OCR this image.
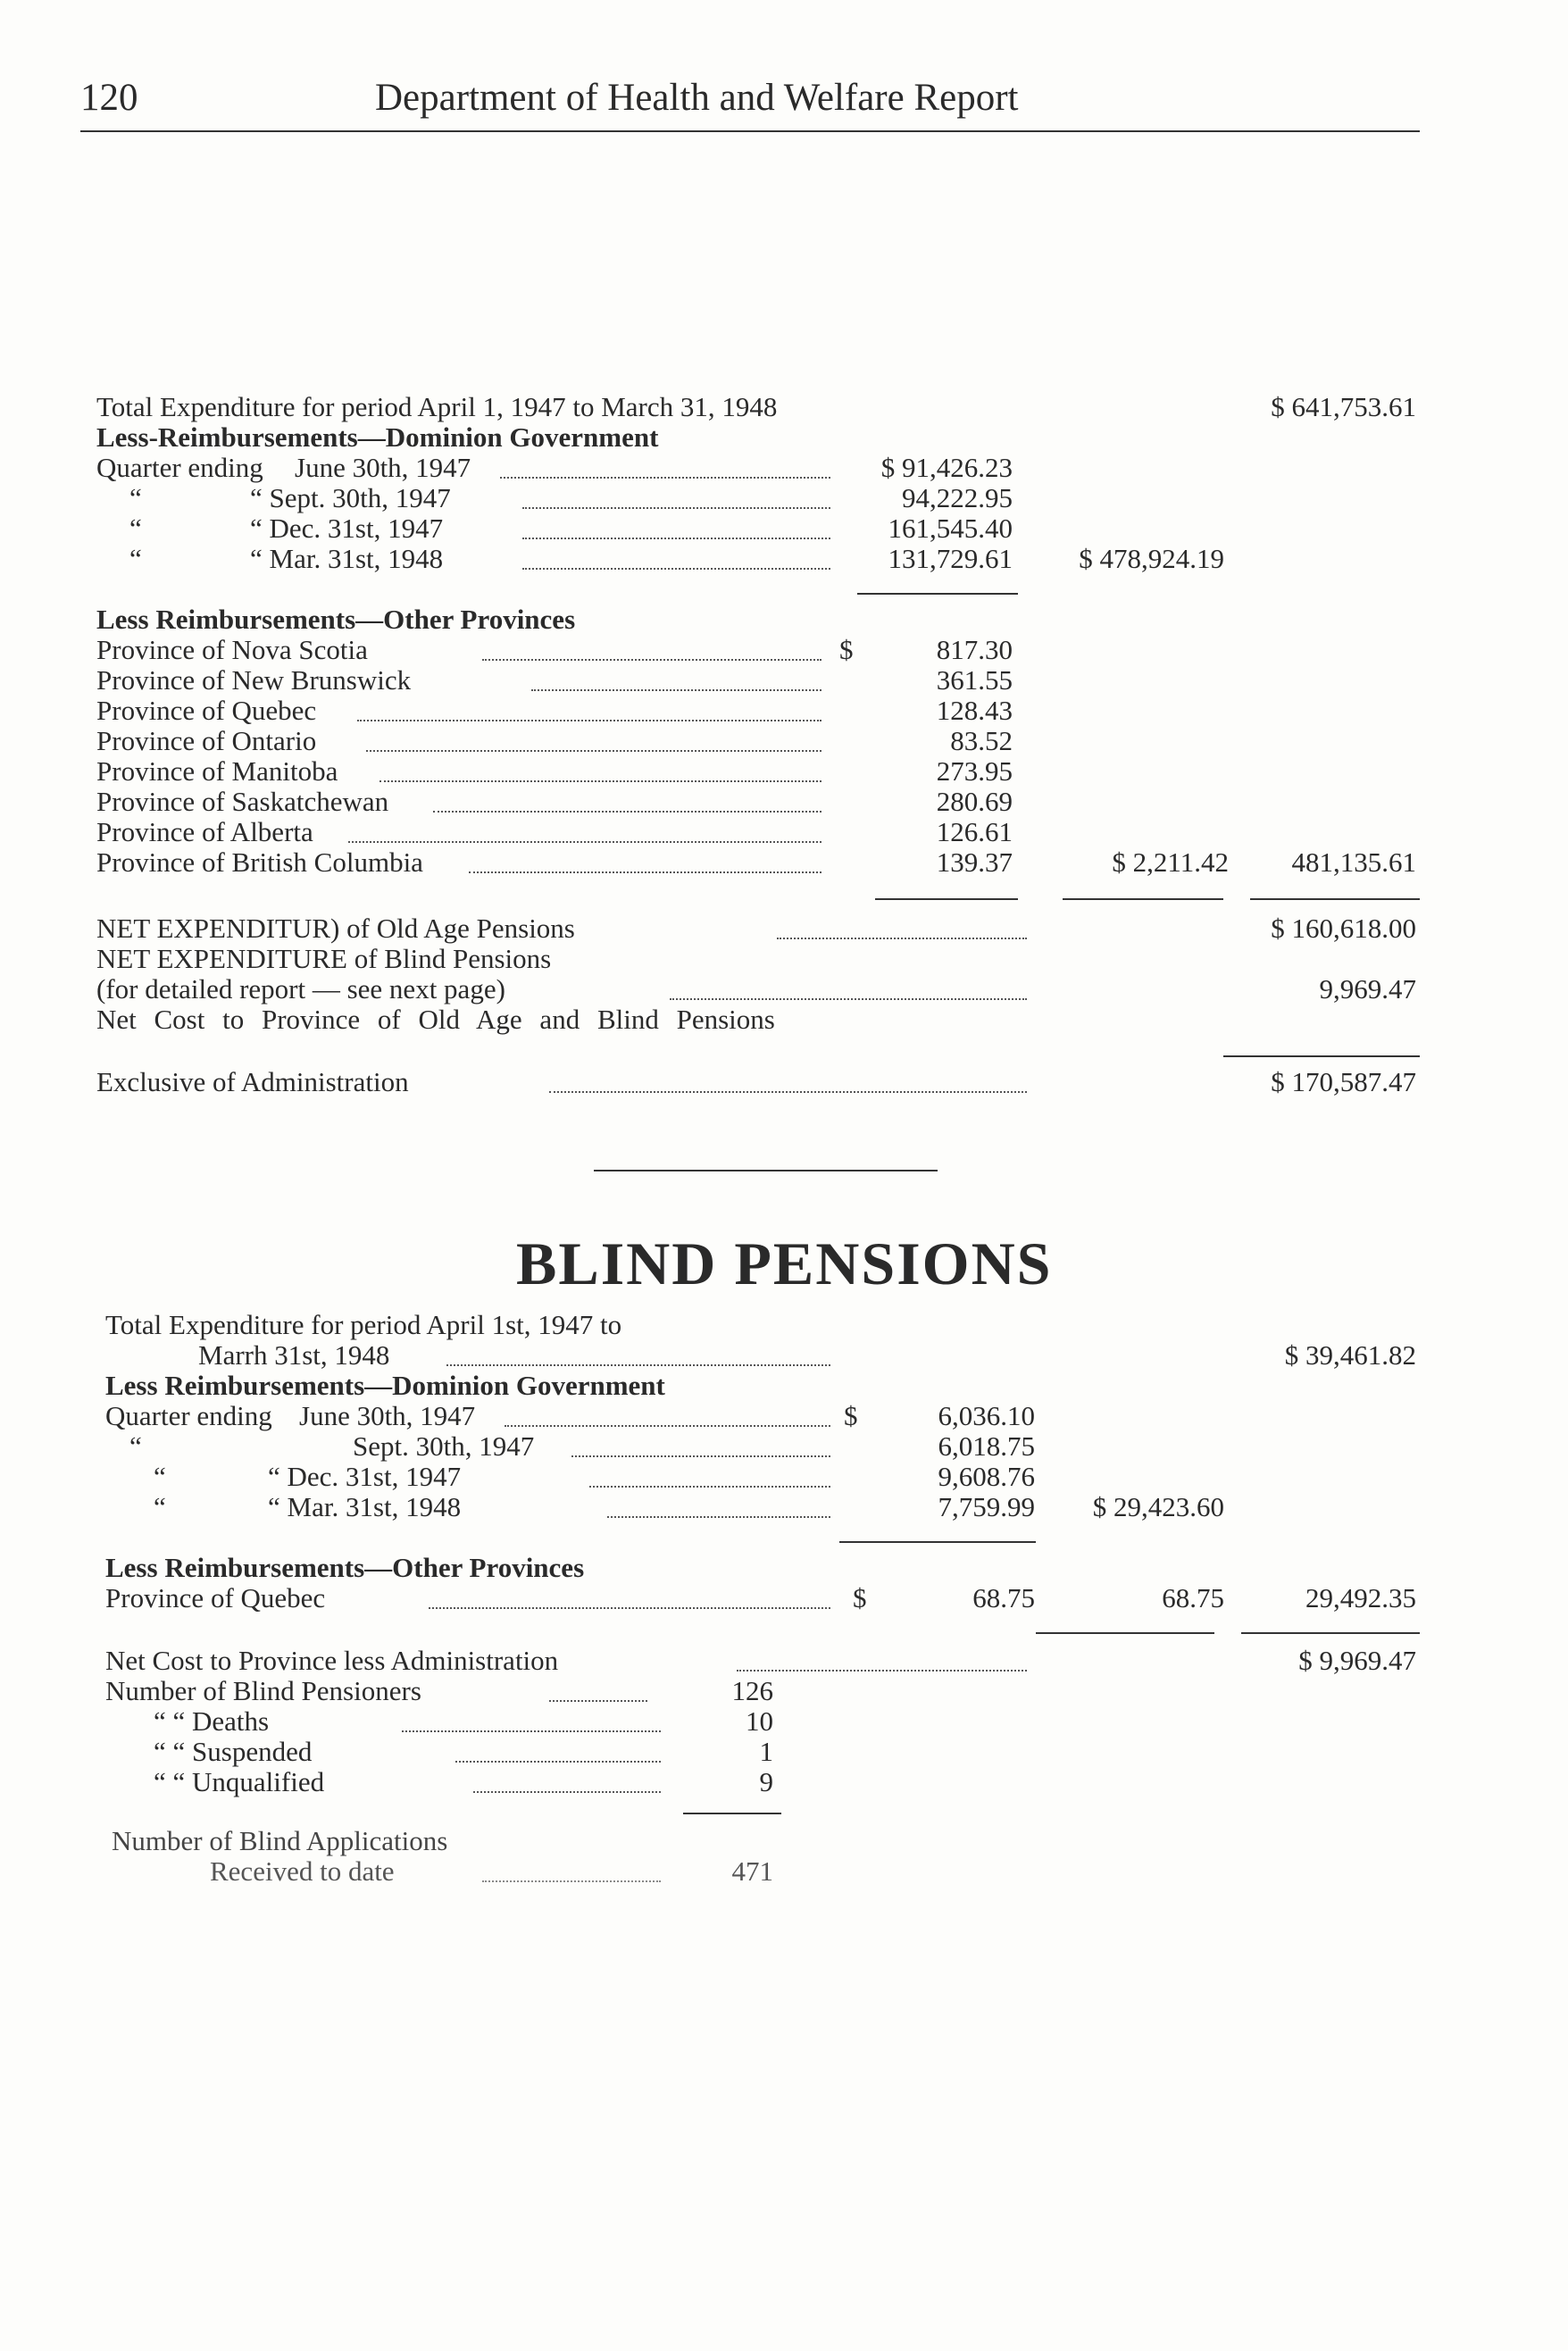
120	Department of Health and Welfare Report
Total Expenditure for period April 1, 1947 to March 31, 1948	$ 641,753.61
Less-Reimbursements—Dominion Government
Quarter ending June 30th, 1947	$ 91,426.23
“	“ Sept. 30th, 1947	94,222.95
“	“ Dec. 31st, 1947	161,545.40
“	“ Mar. 31st, 1948	131,729.61 $ 478,924.19
Less Reimbursements—Other Provinces
Province of Nova Scotia	$	817.30
Province of New Brunswick	361.55
Province of Quebec	128.43
Province of Ontario	83.52
Province of Manitoba	273.95
Province of Saskatchewan	280.69
Province of Alberta	126.61
Province of British Columbia	139.37	$ 2,211.42 481,135.61
NET EXPENDITUR) of Old Age Pensions	$ 160,618.00
NET EXPENDITURE of Blind Pensions
(for detailed report — see next page)	9,969.47
Net Cost to Province of Old Age and Blind Pensions
Exclusive of Administration	$ 170,587.47
BLIND PENSIONS
Total Expenditure for period April 1st, 1947 to
Marrh 31st, 1948	$ 39,461.82
Less Reimbursements—Dominion Government
Quarter ending June 30th, 1947	$	6,036.10
“	Sept. 30th, 1947	6,018.75
“	“ Dec. 31st, 1947	9,608.76
“	“ Mar. 31st, 1948	7,759.99 $ 29,423.60
Less Reimbursements—Other Provinces
Province of Quebec	$	68.75	68.75	29,492.35
Net Cost to Province less Administration	$ 9,969.47
Number of Blind Pensioners	126
“ “ Deaths	10
“ “ Suspended	1
“ “ Unqualified	9
Number of Blind Applications
Received to date	471
